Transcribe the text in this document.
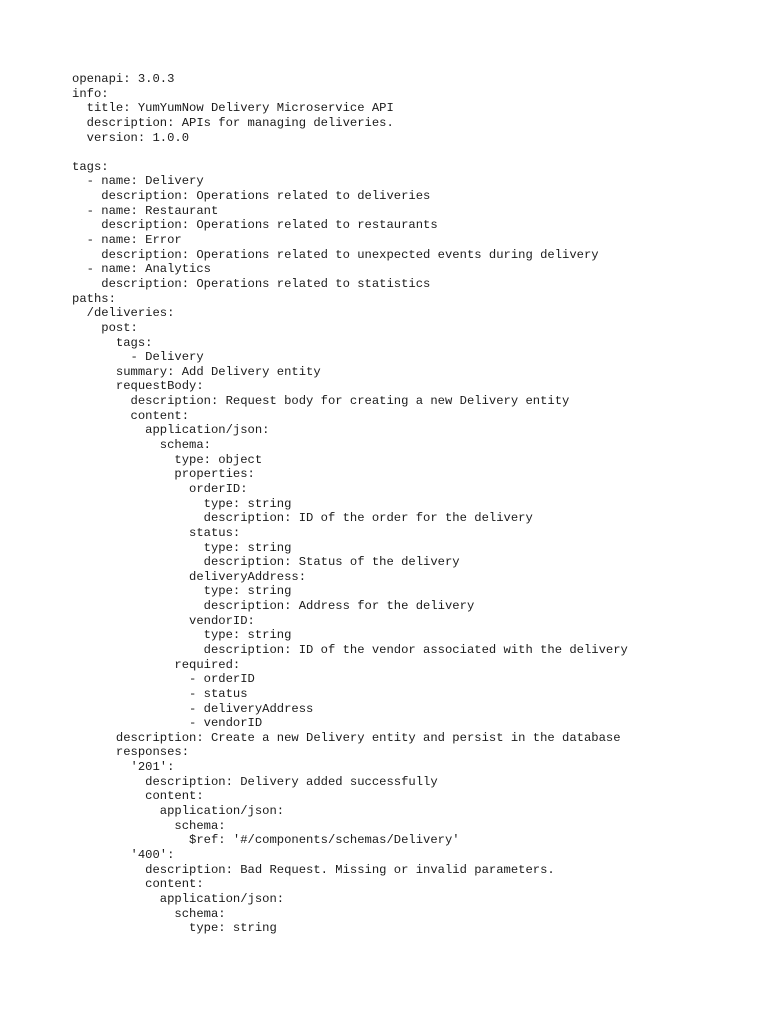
openapi: 3.0.3
info:
title: YumYumNow Delivery Microservice API
description: APIs for managing deliveries.
version: 1.0.0
tags:
- name: Delivery
description: Operations related to deliveries
- name: Restaurant
description: Operations related to restaurants
- name: Error
description: Operations related to unexpected events during delivery
- name: Analytics
description: Operations related to statistics
paths:
/deliveries:
post:
tags:
- Delivery
summary: Add Delivery entity
requestBody:
description: Request body for creating a new Delivery entity
content:
application/json:
schema:
type: object
properties:
orderID:
type: string
description: ID of the order for the delivery
status:
type: string
description: Status of the delivery
deliveryAddress:
type: string
description: Address for the delivery
vendorID:
type: string
description: ID of the vendor associated with the delivery
required:
- orderID
- status
- deliveryAddress
- vendorID
description: Create a new Delivery entity and persist in the database
responses:
'201':
description: Delivery added successfully
content:
application/json:
schema:
$ref: '#/components/schemas/Delivery'
'400':
description: Bad Request. Missing or invalid parameters.
content:
application/json:
schema:
type: string
